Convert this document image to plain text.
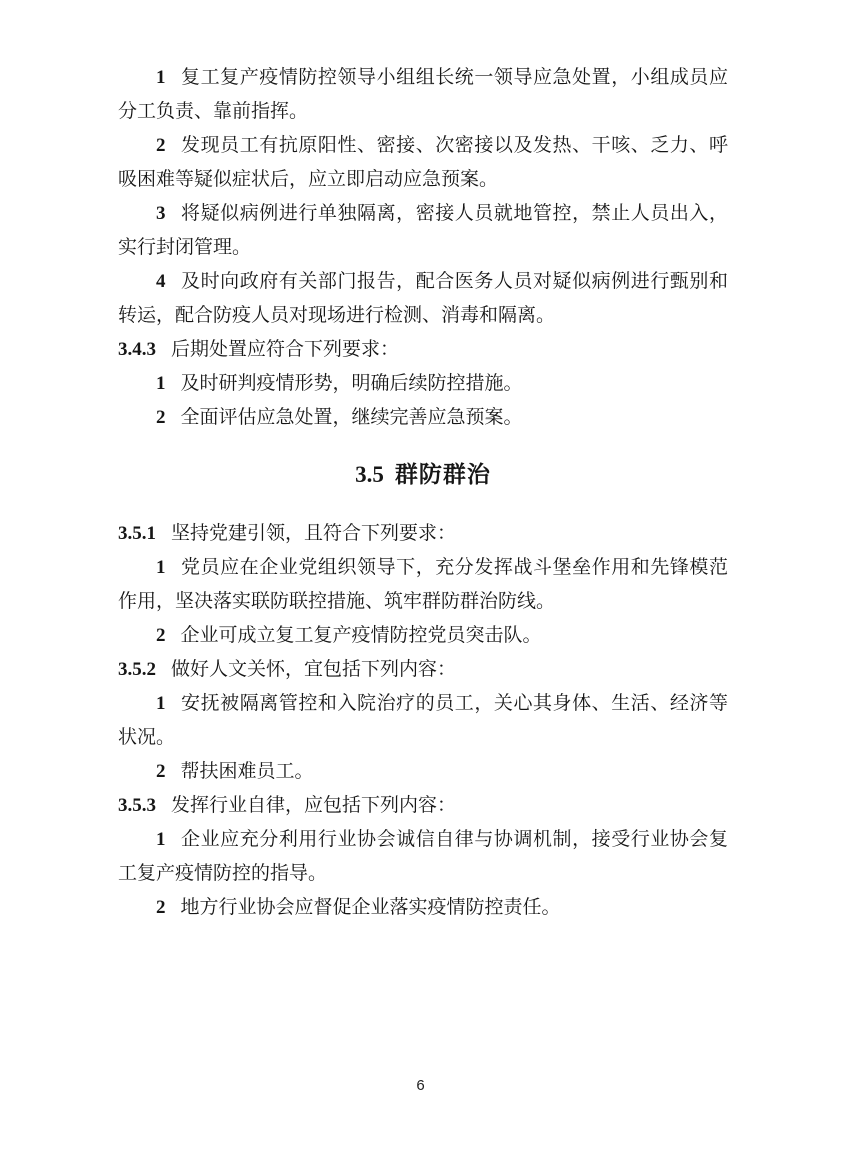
1 复工复产疫情防控领导小组组长统一领导应急处置，小组成员应分工负责、靠前指挥。

2 发现员工有抗原阳性、密接、次密接以及发热、干咳、乏力、呼吸困难等疑似症状后，应立即启动应急预案。

3 将疑似病例进行单独隔离，密接人员就地管控，禁止人员出入，实行封闭管理。

4 及时向政府有关部门报告，配合医务人员对疑似病例进行甄别和转运，配合防疫人员对现场进行检测、消毒和隔离。

3.4.3 后期处置应符合下列要求：

1 及时研判疫情形势，明确后续防控措施。

2 全面评估应急处置，继续完善应急预案。

3.5 群防群治

3.5.1 坚持党建引领，且符合下列要求：

1 党员应在企业党组织领导下，充分发挥战斗堡垒作用和先锋模范作用，坚决落实联防联控措施、筑牢群防群治防线。

2 企业可成立复工复产疫情防控党员突击队。

3.5.2 做好人文关怀，宜包括下列内容：

1 安抚被隔离管控和入院治疗的员工，关心其身体、生活、经济等状况。

2 帮扶困难员工。

3.5.3 发挥行业自律，应包括下列内容：

1 企业应充分利用行业协会诚信自律与协调机制，接受行业协会复工复产疫情防控的指导。

2 地方行业协会应督促企业落实疫情防控责任。

6
